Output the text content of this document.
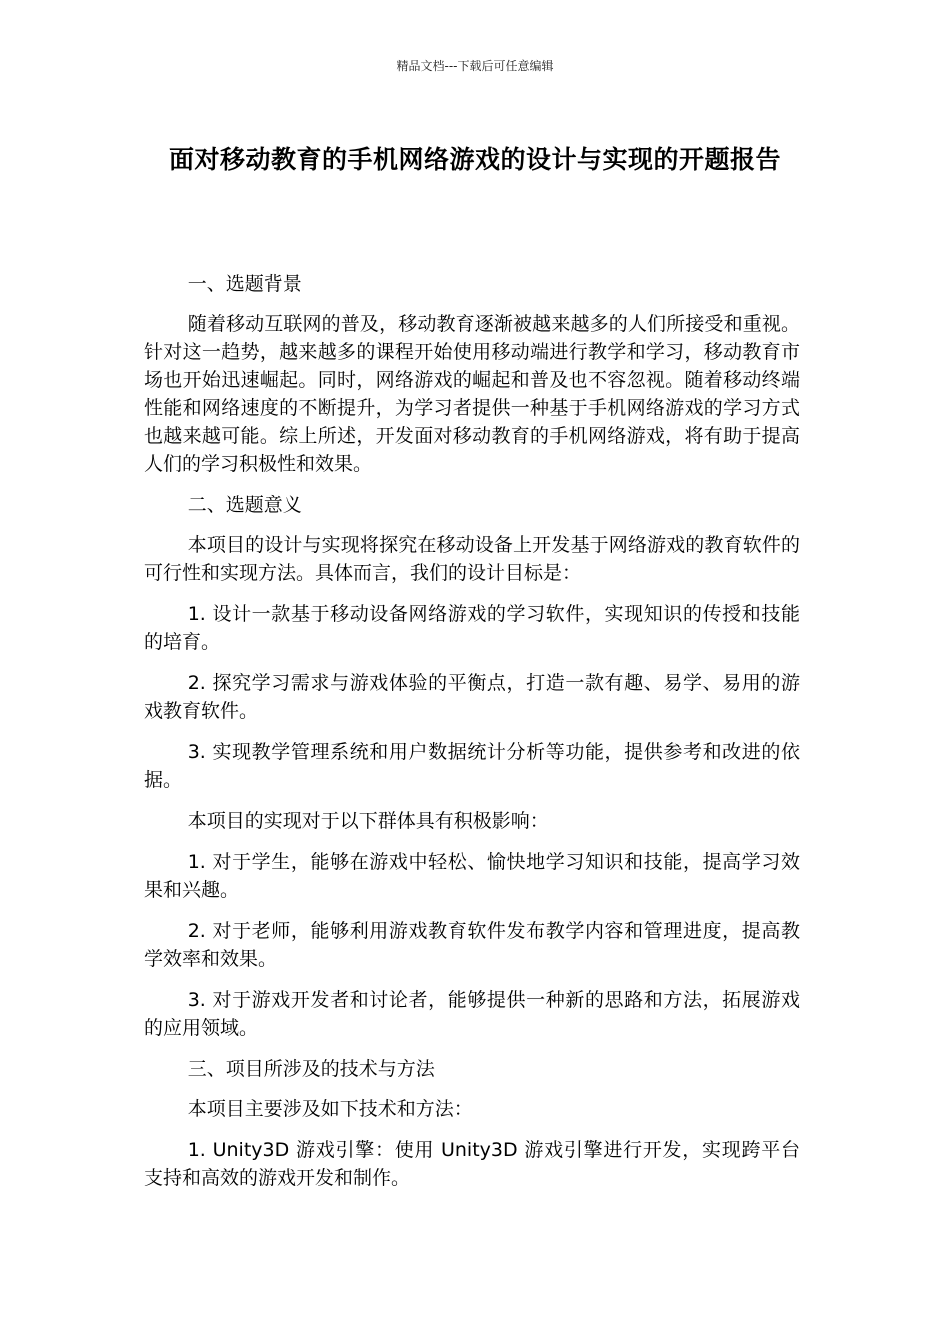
精品文档---下载后可任意编辑
面对移动教育的手机网络游戏的设计与实现的开题报告

一、选题背景

随着移动互联网的普及，移动教育逐渐被越来越多的人们所接受和重视。针对这一趋势，越来越多的课程开始使用移动端进行教学和学习，移动教育市场也开始迅速崛起。同时，网络游戏的崛起和普及也不容忽视。随着移动终端性能和网络速度的不断提升，为学习者提供一种基于手机网络游戏的学习方式也越来越可能。综上所述，开发面对移动教育的手机网络游戏，将有助于提高人们的学习积极性和效果。

二、选题意义

本项目的设计与实现将探究在移动设备上开发基于网络游戏的教育软件的可行性和实现方法。具体而言，我们的设计目标是：

1. 设计一款基于移动设备网络游戏的学习软件，实现知识的传授和技能的培育。

2. 探究学习需求与游戏体验的平衡点，打造一款有趣、易学、易用的游戏教育软件。

3. 实现教学管理系统和用户数据统计分析等功能，提供参考和改进的依据。

本项目的实现对于以下群体具有积极影响：

1. 对于学生，能够在游戏中轻松、愉快地学习知识和技能，提高学习效果和兴趣。

2. 对于老师，能够利用游戏教育软件发布教学内容和管理进度，提高教学效率和效果。

3. 对于游戏开发者和讨论者，能够提供一种新的思路和方法，拓展游戏的应用领域。

三、项目所涉及的技术与方法

本项目主要涉及如下技术和方法：

1. Unity3D 游戏引擎：使用 Unity3D 游戏引擎进行开发，实现跨平台支持和高效的游戏开发和制作。
